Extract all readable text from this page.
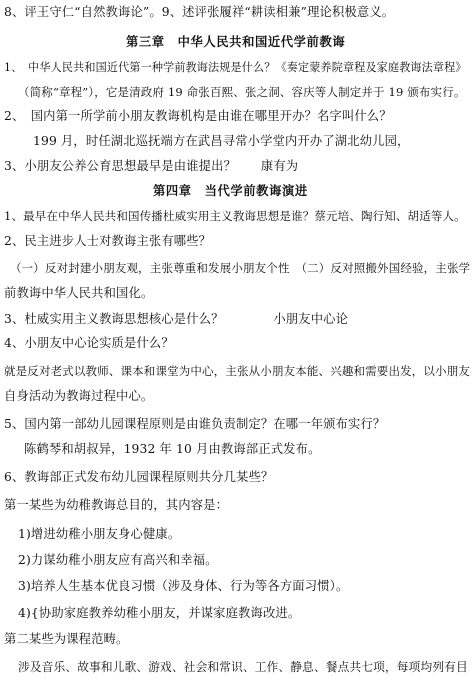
8、评王守仁“自然教诲论”。9、述评张履祥“耕读相兼”理论积极意义。
第三章　中华人民共和国近代学前教诲
1、　中华人民共和国近代第一种学前教诲法规是什么？《奏定蒙养院章程及家庭教诲法章程》
（简称“章程”），它是清政府 19 命张百熙、张之洞、容庆等人制定并于 19 颁布实行。
2、　国内第一所学前小朋友教诲机构是由谁在哪里开办？名字叫什么？
199 月，时任湖北巡抚端方在武昌寻常小学堂内开办了湖北幼儿园，
3、小朋友公养公育思想最早是由谁提出？　　康有为
第四章　当代学前教诲演进
1、最早在中华人民共和国传播杜威实用主义教诲思想是谁？蔡元培、陶行知、胡适等人。
2、民主进步人士对教诲主张有哪些？
（一）反对封建小朋友观，主张尊重和发展小朋友个性　（二）反对照搬外国经验，主张学
前教诲中华人民共和国化。
3、杜威实用主义教诲思想核心是什么？　　　　小朋友中心论
4、小朋友中心论实质是什么？
就是反对老式以教师、课本和课堂为中心，主张从小朋友本能、兴趣和需要出发，以小朋友
自身活动为教诲过程中心。
5、国内第一部幼儿园课程原则是由谁负责制定？在哪一年颁布实行？
陈鹤琴和胡叔异，1932 年 10 月由教诲部正式发布。
6、教诲部正式发布幼儿园课程原则共分几某些？
第一某些为幼稚教诲总目的，其内容是：
1)增进幼稚小朋友身心健康。
2)力谋幼稚小朋友应有高兴和幸福。
3)培养人生基本优良习惯（涉及身体、行为等各方面习惯）。
4){协助家庭教养幼稚小朋友，并谋家庭教诲改进。
第二某些为课程范畴。
涉及音乐、故事和儿歌、游戏、社会和常识、工作、静息、餐点共七项，每项均列有目
